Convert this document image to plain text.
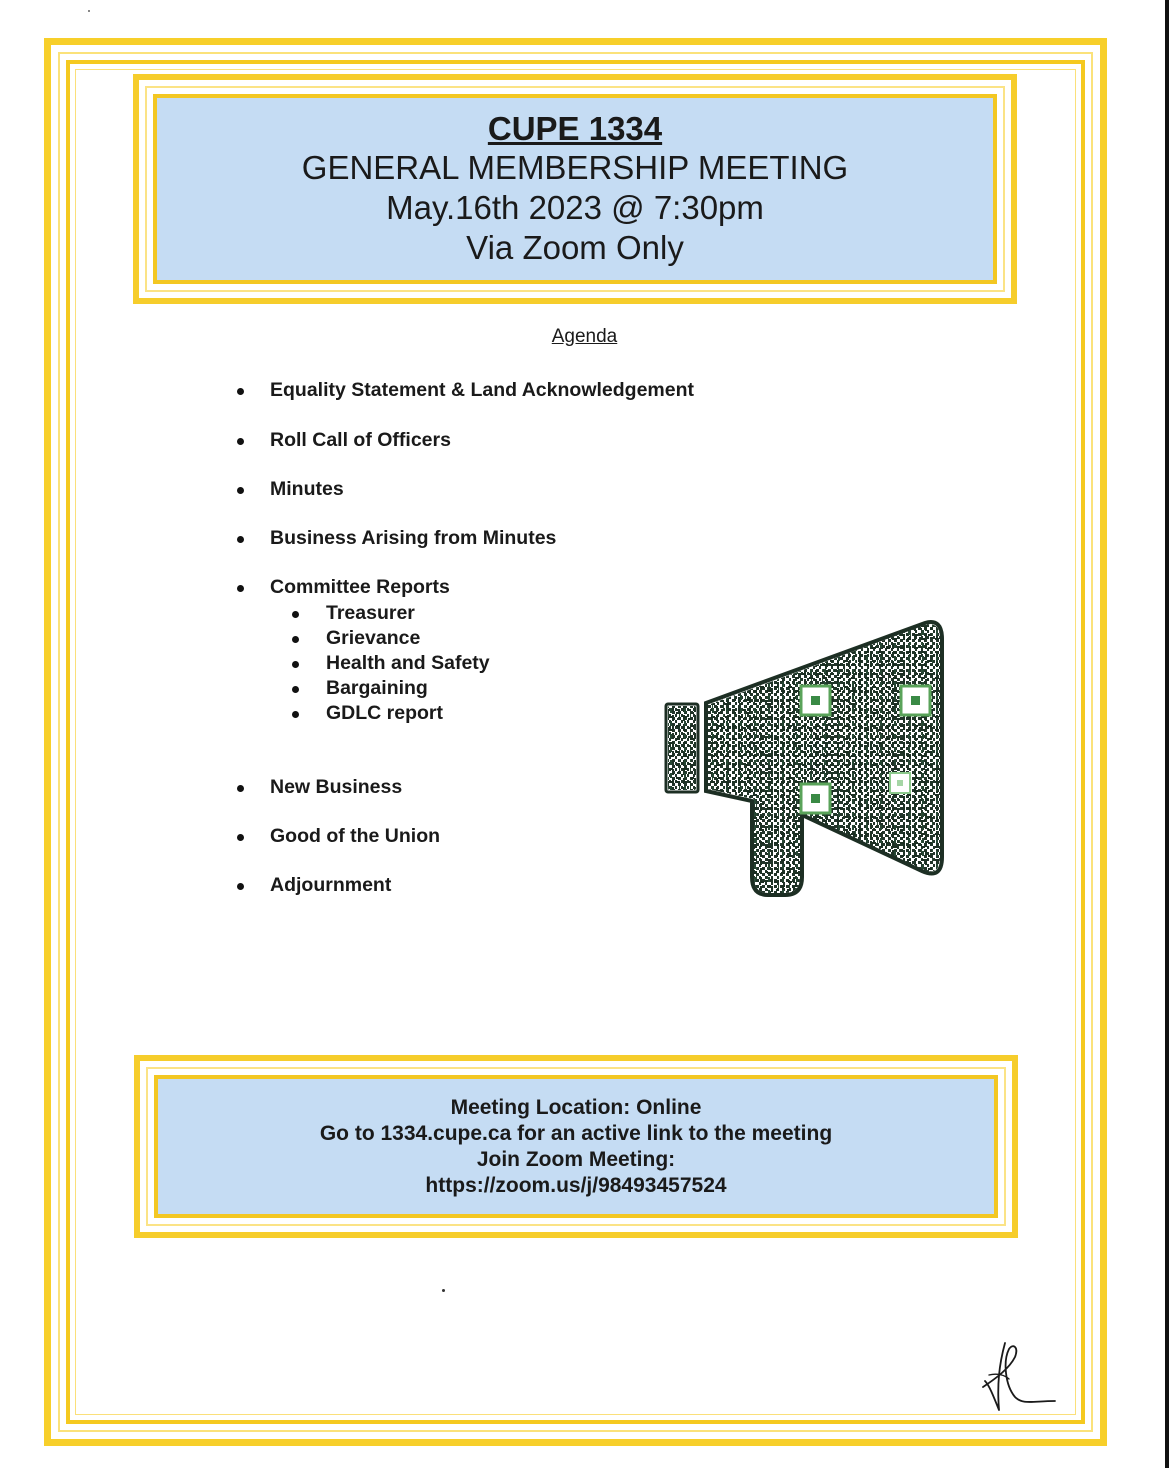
CUPE 1334

GENERAL MEMBERSHIP MEETING

May.16th 2023 @ 7:30pm

Via Zoom Only

Agenda

Equality Statement & Land Acknowledgement
Roll Call of Officers
Minutes
Business Arising from Minutes
Committee Reports
Treasurer
Grievance
Health and Safety
Bargaining
GDLC report
New Business
Good of the Union
Adjournment

Meeting Location: Online

Go to 1334.cupe.ca for an active link to the meeting

Join Zoom Meeting:

https://zoom.us/j/98493457524
